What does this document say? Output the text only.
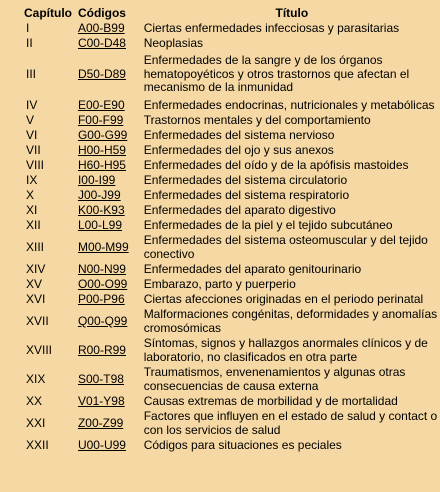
Capítulo	Códigos	Título
I	A00-B99	Ciertas enfermedades infecciosas y parasitarias
II	C00-D48	Neoplasias
III	D50-D89	Enfermedades de la sangre y de los órganos hematopoyéticos y otros trastornos que afectan el mecanismo de la inmunidad
IV	E00-E90	Enfermedades endocrinas, nutricionales y metabólicas
V	F00-F99	Trastornos mentales y del comportamiento
VI	G00-G99	Enfermedades del sistema nervioso
VII	H00-H59	Enfermedades del ojo y sus anexos
VIII	H60-H95	Enfermedades del oído y de la apófisis mastoides
IX	I00-I99	Enfermedades del sistema circulatorio
X	J00-J99	Enfermedades del sistema respiratorio
XI	K00-K93	Enfermedades del aparato digestivo
XII	L00-L99	Enfermedades de la piel y el tejido subcutáneo
XIII	M00-M99	Enfermedades del sistema osteomuscular y del tejido conectivo
XIV	N00-N99	Enfermedades del aparato genitourinario
XV	O00-O99	Embarazo, parto y puerperio
XVI	P00-P96	Ciertas afecciones originadas en el periodo perinatal
XVII	Q00-Q99	Malformaciones congénitas, deformidades y anomalías cromosómicas
XVIII	R00-R99	Síntomas, signos y hallazgos anormales clínicos y de laboratorio, no clasificados en otra parte
XIX	S00-T98	Traumatismos, envenenamientos y algunas otras consecuencias de causa externa
XX	V01-Y98	Causas extremas de morbilidad y de mortalidad
XXI	Z00-Z99	Factores que influyen en el estado de salud y contact o con los servicios de salud
XXII	U00-U99	Códigos para situaciones es peciales
